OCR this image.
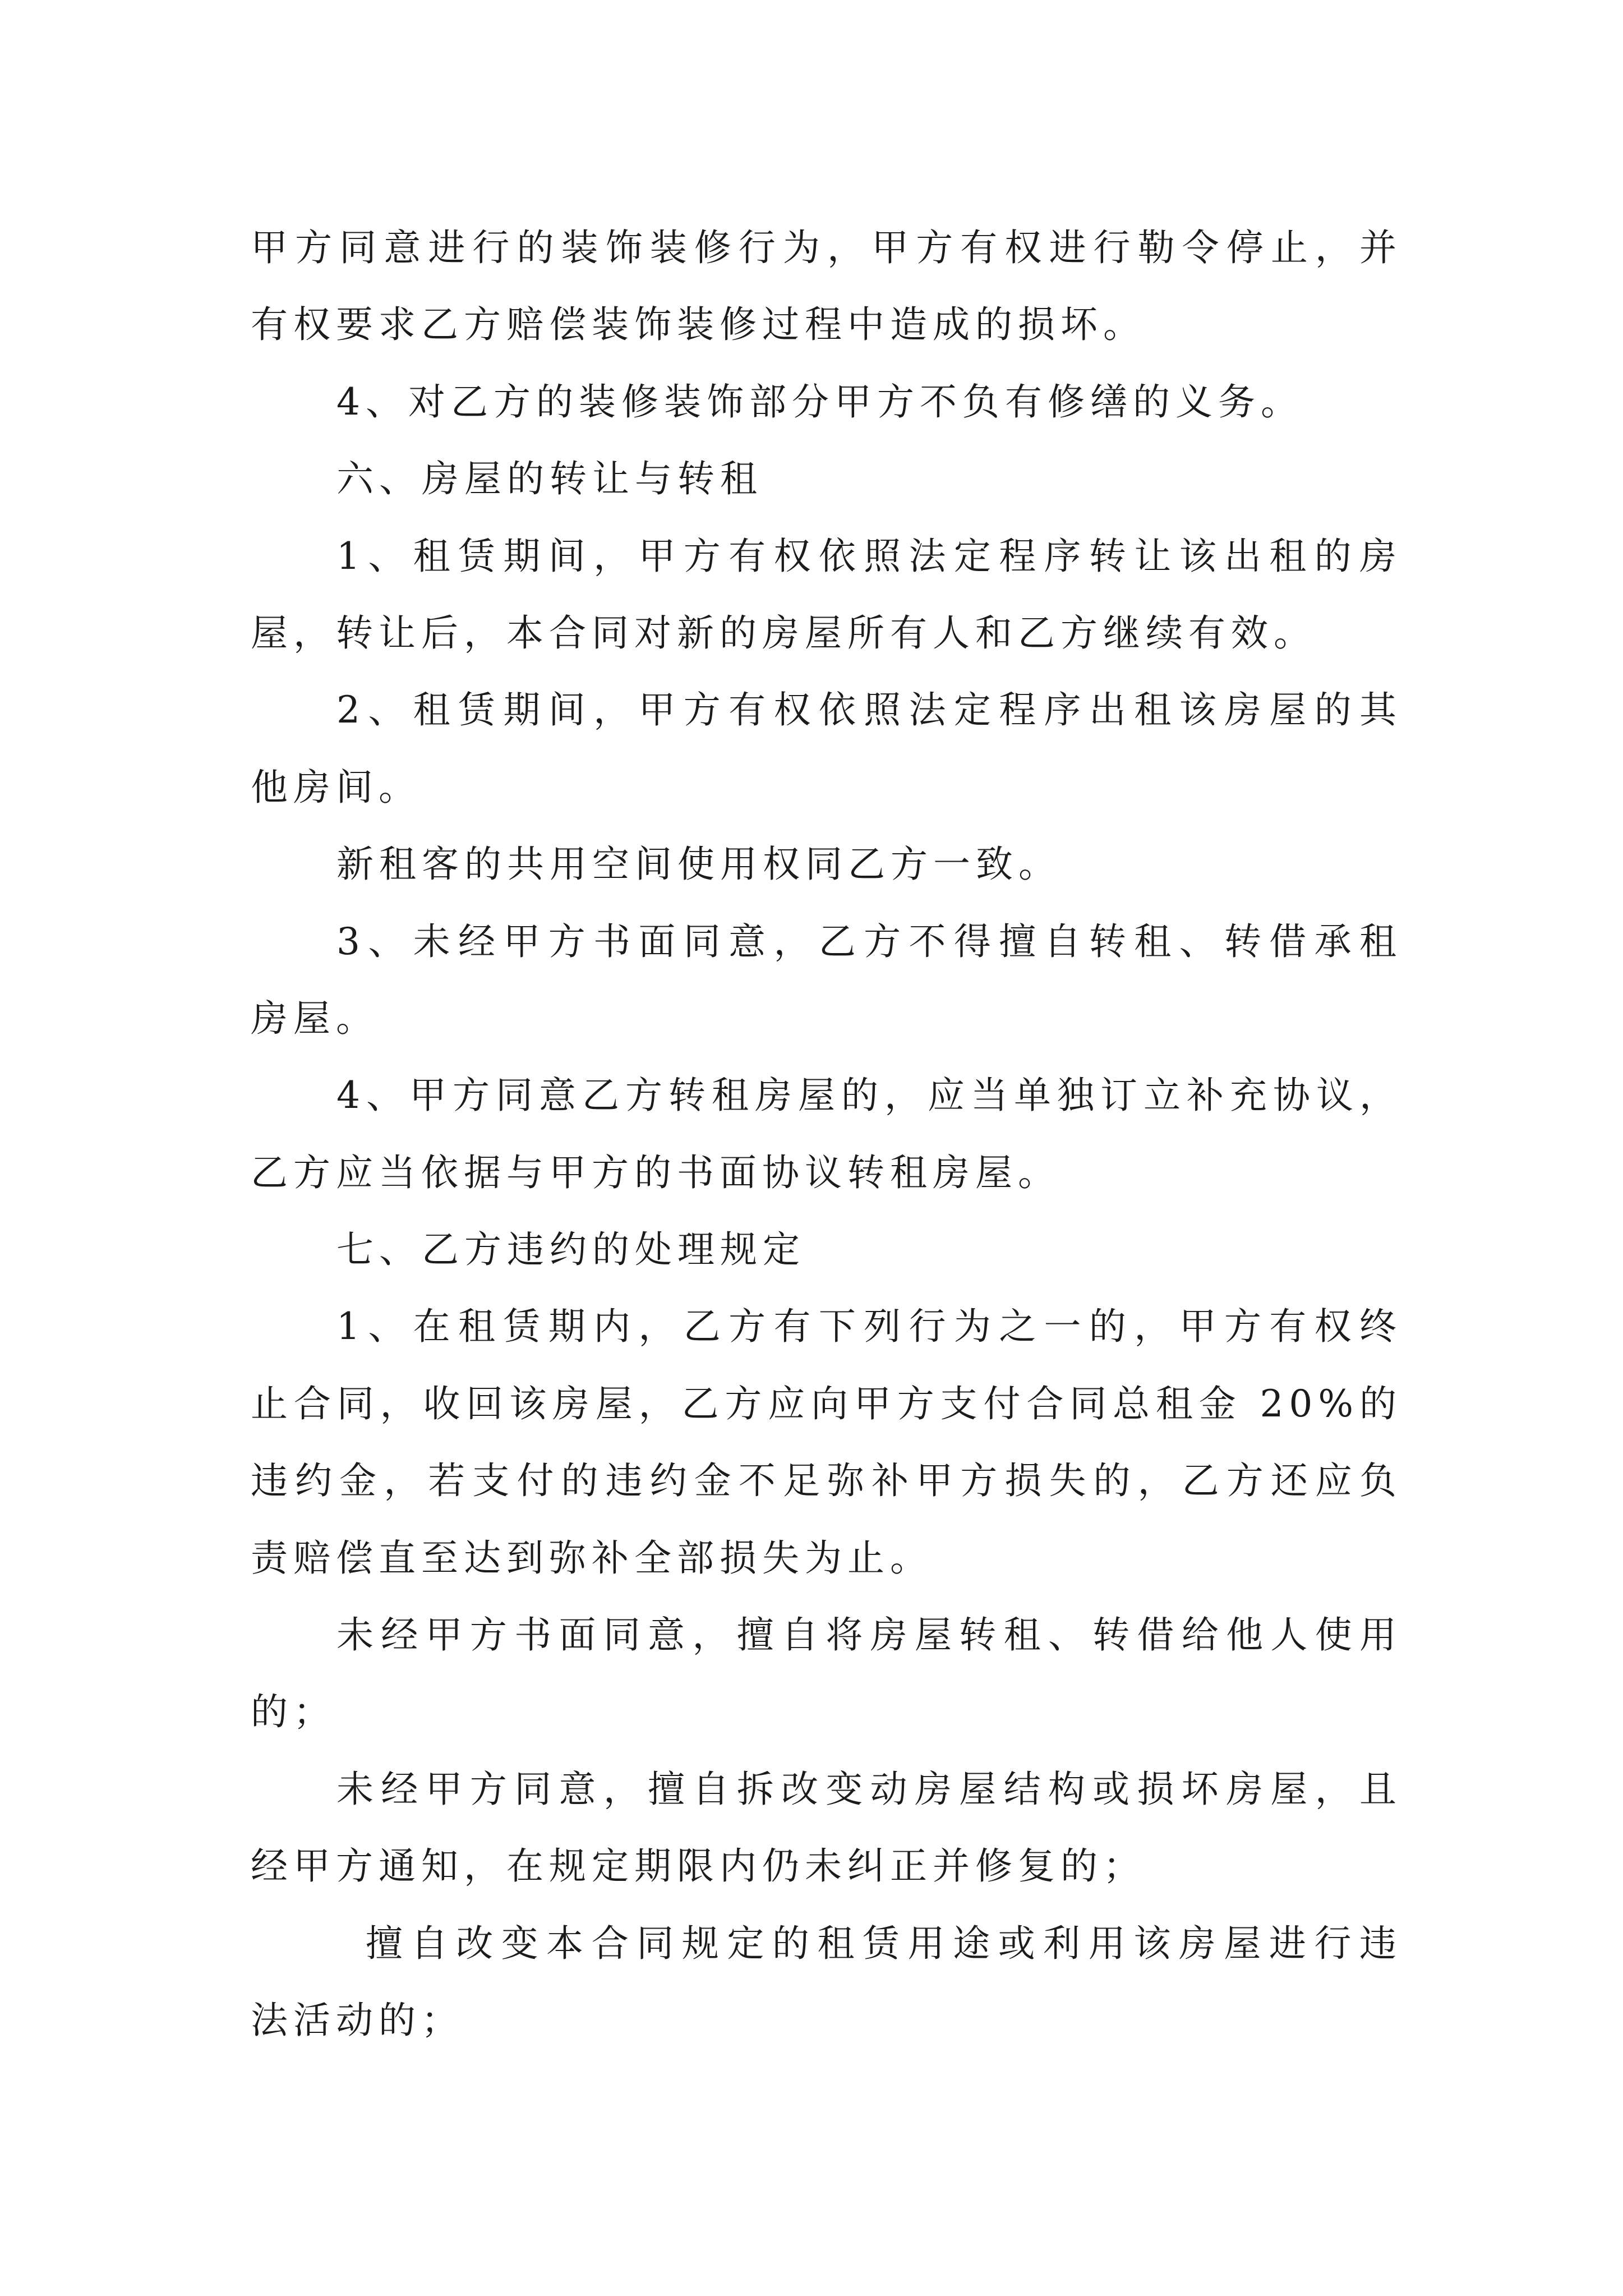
甲方同意进行的装饰装修行为，甲方有权进行勒令停止，并
有权要求乙方赔偿装饰装修过程中造成的损坏。
4、对乙方的装修装饰部分甲方不负有修缮的义务。
六、房屋的转让与转租
1、租赁期间，甲方有权依照法定程序转让该出租的房
屋，转让后，本合同对新的房屋所有人和乙方继续有效。
2、租赁期间，甲方有权依照法定程序出租该房屋的其
他房间。
新租客的共用空间使用权同乙方一致。
3、未经甲方书面同意，乙方不得擅自转租、转借承租
房屋。
4、甲方同意乙方转租房屋的，应当单独订立补充协议，
乙方应当依据与甲方的书面协议转租房屋。
七、乙方违约的处理规定
1、在租赁期内，乙方有下列行为之一的，甲方有权终
止合同，收回该房屋，乙方应向甲方支付合同总租金 20%的
违约金，若支付的违约金不足弥补甲方损失的，乙方还应负
责赔偿直至达到弥补全部损失为止。
未经甲方书面同意，擅自将房屋转租、转借给他人使用
的；
未经甲方同意，擅自拆改变动房屋结构或损坏房屋，且
经甲方通知，在规定期限内仍未纠正并修复的；
擅自改变本合同规定的租赁用途或利用该房屋进行违
法活动的；
